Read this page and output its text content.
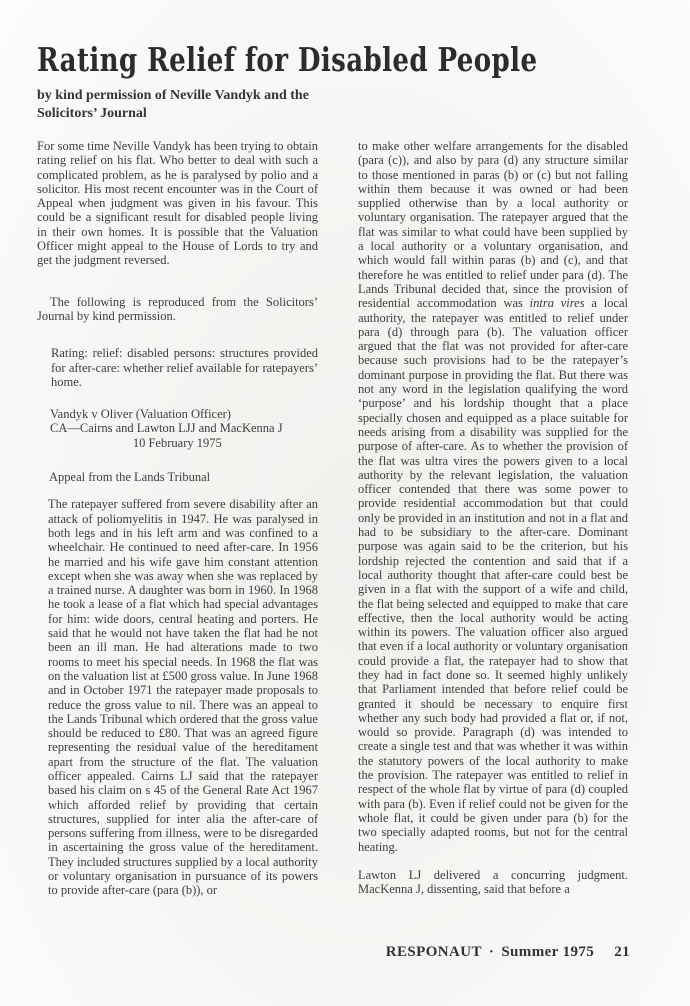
Rating Relief for Disabled People
by kind permission of Neville Vandyk and the
Solicitors’ Journal

For some time Neville Vandyk has been trying to obtain rating relief on his flat. Who better to deal with such a complicated problem, as he is paralysed by polio and a solicitor. His most recent encounter was in the Court of Appeal when judgment was given in his favour. This could be a significant result for disabled people living in their own homes. It is possible that the Valuation Officer might appeal to the House of Lords to try and get the judgment reversed.

The following is reproduced from the Solicitors’ Journal by kind permission.

Rating: relief: disabled persons: structures provided for after-care: whether relief available for ratepayers’ home.

Vandyk v Oliver (Valuation Officer)
CA—Cairns and Lawton LJJ and MacKenna J
10 February 1975

Appeal from the Lands Tribunal

The ratepayer suffered from severe disability after an attack of poliomyelitis in 1947. He was paralysed in both legs and in his left arm and was confined to a wheelchair. He continued to need after-care. In 1956 he married and his wife gave him constant attention except when she was away when she was replaced by a trained nurse. A daughter was born in 1960. In 1968 he took a lease of a flat which had special advantages for him: wide doors, central heating and porters. He said that he would not have taken the flat had he not been an ill man. He had alterations made to two rooms to meet his special needs. In 1968 the flat was on the valuation list at £500 gross value. In June 1968 and in October 1971 the ratepayer made proposals to reduce the gross value to nil. There was an appeal to the Lands Tribunal which ordered that the gross value should be reduced to £80. That was an agreed figure representing the residual value of the hereditament apart from the structure of the flat. The valuation officer appealed. Cairns LJ said that the ratepayer based his claim on s 45 of the General Rate Act 1967 which afforded relief by providing that certain structures, supplied for inter alia the after-care of persons suffering from illness, were to be disregarded in ascertaining the gross value of the hereditament. They included structures supplied by a local authority or voluntary organisation in pursuance of its powers to provide after-care (para (b)), or

to make other welfare arrangements for the disabled (para (c)), and also by para (d) any structure similar to those mentioned in paras (b) or (c) but not falling within them because it was owned or had been supplied otherwise than by a local authority or voluntary organisation. The ratepayer argued that the flat was similar to what could have been supplied by a local authority or a voluntary organisation, and which would fall within paras (b) and (c), and that therefore he was entitled to relief under para (d). The Lands Tribunal decided that, since the provision of residential accommodation was intra vires a local authority, the ratepayer was entitled to relief under para (d) through para (b). The valuation officer argued that the flat was not provided for after-care because such provisions had to be the ratepayer’s dominant purpose in providing the flat. But there was not any word in the legislation qualifying the word ‘purpose’ and his lordship thought that a place specially chosen and equipped as a place suitable for needs arising from a disability was supplied for the purpose of after-care. As to whether the provision of the flat was ultra vires the powers given to a local authority by the relevant legislation, the valuation officer contended that there was some power to provide residential accommodation but that could only be provided in an institution and not in a flat and had to be subsidiary to the after-care. Dominant purpose was again said to be the criterion, but his lordship rejected the contention and said that if a local authority thought that after-care could best be given in a flat with the support of a wife and child, the flat being selected and equipped to make that care effective, then the local authority would be acting within its powers. The valuation officer also argued that even if a local authority or voluntary organisation could provide a flat, the ratepayer had to show that they had in fact done so. It seemed highly unlikely that Parliament intended that before relief could be granted it should be necessary to enquire first whether any such body had provided a flat or, if not, would so provide. Paragraph (d) was intended to create a single test and that was whether it was within the statutory powers of the local authority to make the provision. The ratepayer was entitled to relief in respect of the whole flat by virtue of para (d) coupled with para (b). Even if relief could not be given for the whole flat, it could be given under para (b) for the two specially adapted rooms, but not for the central heating.

Lawton LJ delivered a concurring judgment. MacKenna J, dissenting, said that before a

RESPONAUT · Summer 1975 21
